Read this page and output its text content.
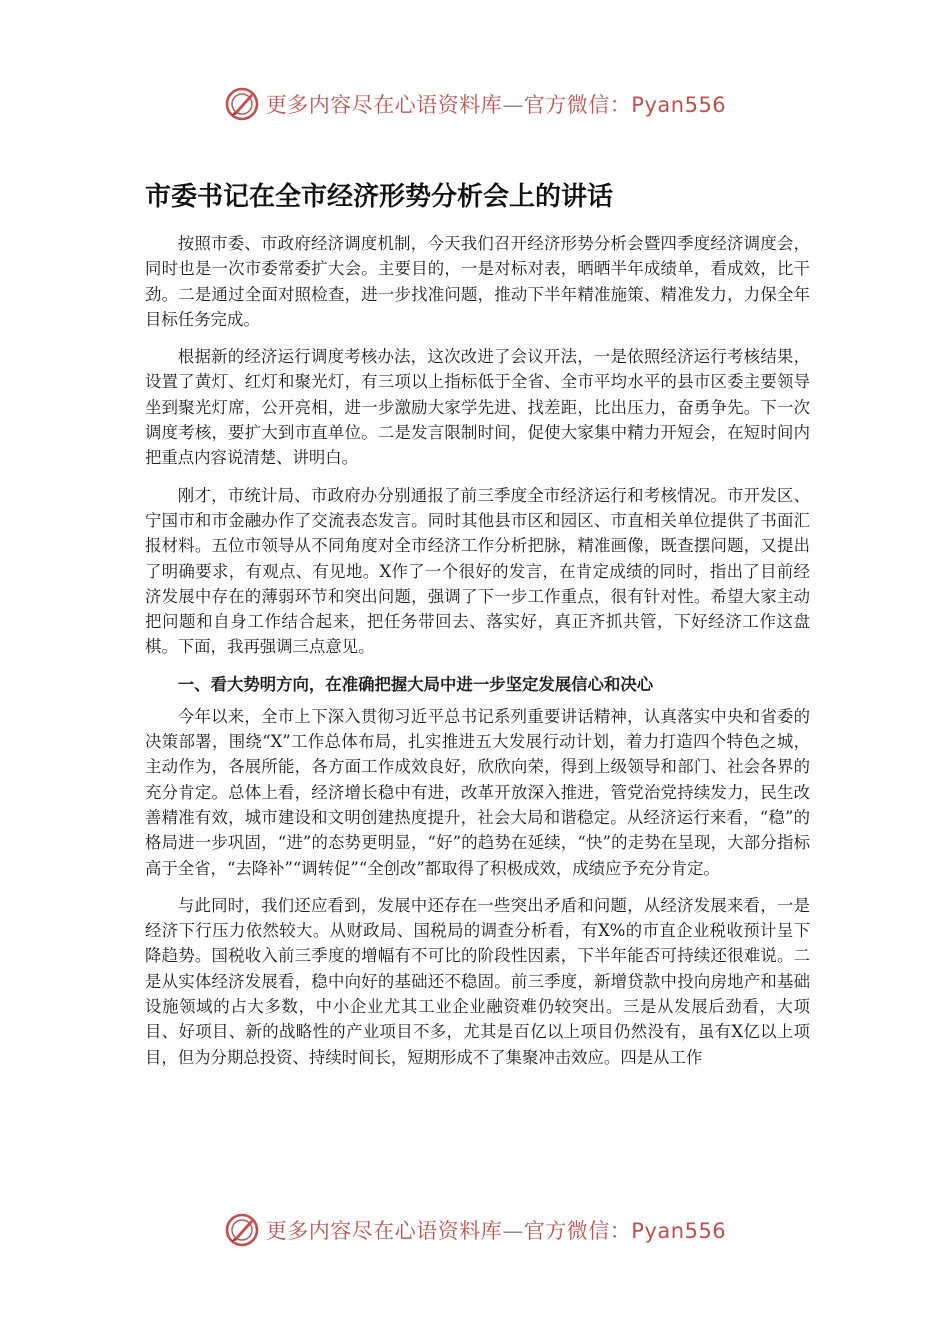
更多内容尽在心语资料库—官方微信：Pyan556
市委书记在全市经济形势分析会上的讲话

按照市委、市政府经济调度机制，今天我们召开经济形势分析会暨四季度经济调度会，同时也是一次市委常委扩大会。主要目的，一是对标对表，晒晒半年成绩单，看成效，比干劲。二是通过全面对照检查，进一步找准问题，推动下半年精准施策、精准发力，力保全年目标任务完成。

根据新的经济运行调度考核办法，这次改进了会议开法，一是依照经济运行考核结果，设置了黄灯、红灯和聚光灯，有三项以上指标低于全省、全市平均水平的县市区委主要领导坐到聚光灯席，公开亮相，进一步激励大家学先进、找差距，比出压力，奋勇争先。下一次调度考核，要扩大到市直单位。二是发言限制时间，促使大家集中精力开短会，在短时间内把重点内容说清楚、讲明白。

刚才，市统计局、市政府办分别通报了前三季度全市经济运行和考核情况。市开发区、宁国市和市金融办作了交流表态发言。同时其他县市区和园区、市直相关单位提供了书面汇报材料。五位市领导从不同角度对全市经济工作分析把脉，精准画像，既查摆问题，又提出了明确要求，有观点、有见地。X作了一个很好的发言，在肯定成绩的同时，指出了目前经济发展中存在的薄弱环节和突出问题，强调了下一步工作重点，很有针对性。希望大家主动把问题和自身工作结合起来，把任务带回去、落实好，真正齐抓共管，下好经济工作这盘棋。下面，我再强调三点意见。

一、看大势明方向，在准确把握大局中进一步坚定发展信心和决心

今年以来，全市上下深入贯彻习近平总书记系列重要讲话精神，认真落实中央和省委的决策部署，围绕“X”工作总体布局，扎实推进五大发展行动计划，着力打造四个特色之城，主动作为，各展所能，各方面工作成效良好，欣欣向荣，得到上级领导和部门、社会各界的充分肯定。总体上看，经济增长稳中有进，改革开放深入推进，管党治党持续发力，民生改善精准有效，城市建设和文明创建热度提升，社会大局和谐稳定。从经济运行来看，“稳”的格局进一步巩固，“进”的态势更明显，“好”的趋势在延续，“快”的走势在呈现，大部分指标高于全省，“去降补”“调转促”“全创改”都取得了积极成效，成绩应予充分肯定。

与此同时，我们还应看到，发展中还存在一些突出矛盾和问题，从经济发展来看，一是经济下行压力依然较大。从财政局、国税局的调查分析看，有X%的市直企业税收预计呈下降趋势。国税收入前三季度的增幅有不可比的阶段性因素，下半年能否可持续还很难说。二是从实体经济发展看，稳中向好的基础还不稳固。前三季度，新增贷款中投向房地产和基础设施领域的占大多数，中小企业尤其工业企业融资难仍较突出。三是从发展后劲看，大项目、好项目、新的战略性的产业项目不多，尤其是百亿以上项目仍然没有，虽有X亿以上项目，但为分期总投资、持续时间长，短期形成不了集聚冲击效应。四是从工作

更多内容尽在心语资料库—官方微信：Pyan556
